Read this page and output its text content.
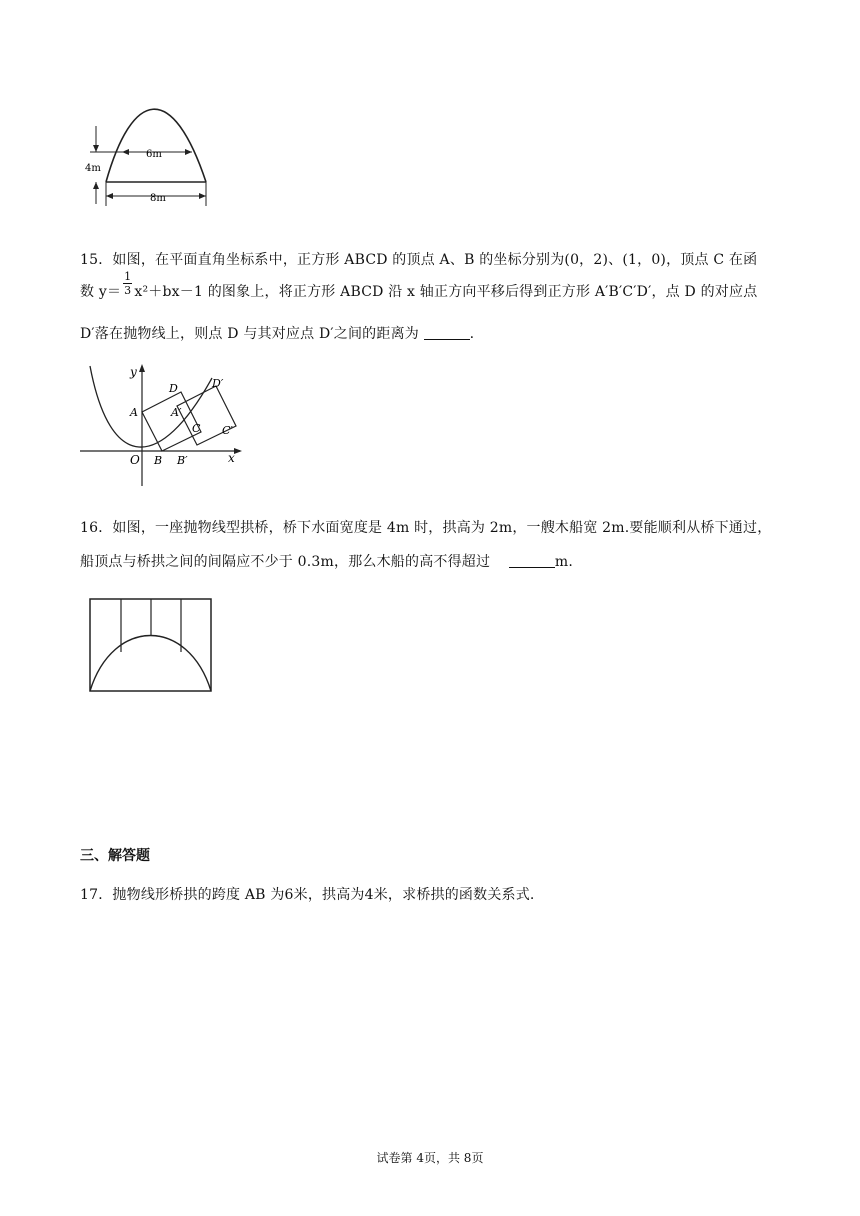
6m
8m
4m
15．如图，在平面直角坐标系中，正方形 ABCD 的顶点 A、B 的坐标分别为(0，2)、(1，0)，顶点 C 在函
数 $y= \frac{1}{3} x^2+bx-1$ 的图象上，将正方形 ABCD 沿 x 轴正方向平移后得到正方形 A′B′C′D′，点 D 的对应点
D′落在抛物线上，则点 D 与其对应点 D′之间的距离为	.
y
x
O
A
B
C
D
A′
B′
C′
D′
16．如图，一座抛物线型拱桥，桥下水面宽度是 4m 时，拱高为 2m，一艘木船宽 2m.要能顺利从桥下通过，
船顶点与桥拱之间的间隔应不少于 0.3m，那么木船的高不得超过	m.
三、解答题
17．抛物线形桥拱的跨度 AB 为6米，拱高为4米，求桥拱的函数关系式.
试卷第 4页，共 8页
